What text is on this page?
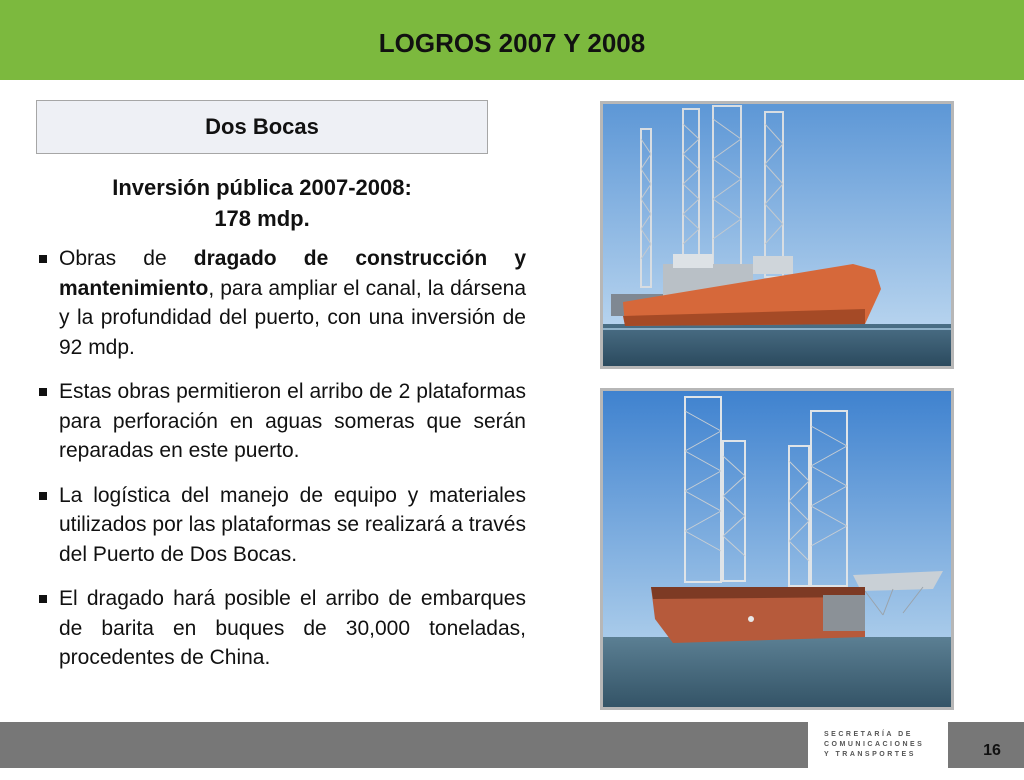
LOGROS 2007 Y 2008
Dos Bocas
Inversión pública 2007-2008:
178 mdp.
Obras de dragado de construcción y mantenimiento, para ampliar el canal, la dársena y la profundidad del puerto, con una inversión de 92 mdp.
Estas obras permitieron el arribo de 2 plataformas para perforación en aguas someras que serán reparadas en este puerto.
La logística del manejo de equipo y materiales utilizados por las plataformas se realizará a través del Puerto de Dos Bocas.
El dragado hará posible el arribo de embarques de barita en buques de 30,000 toneladas, procedentes de China.
SECRETARÍA DE
COMUNICACIONES
Y TRANSPORTES	16
